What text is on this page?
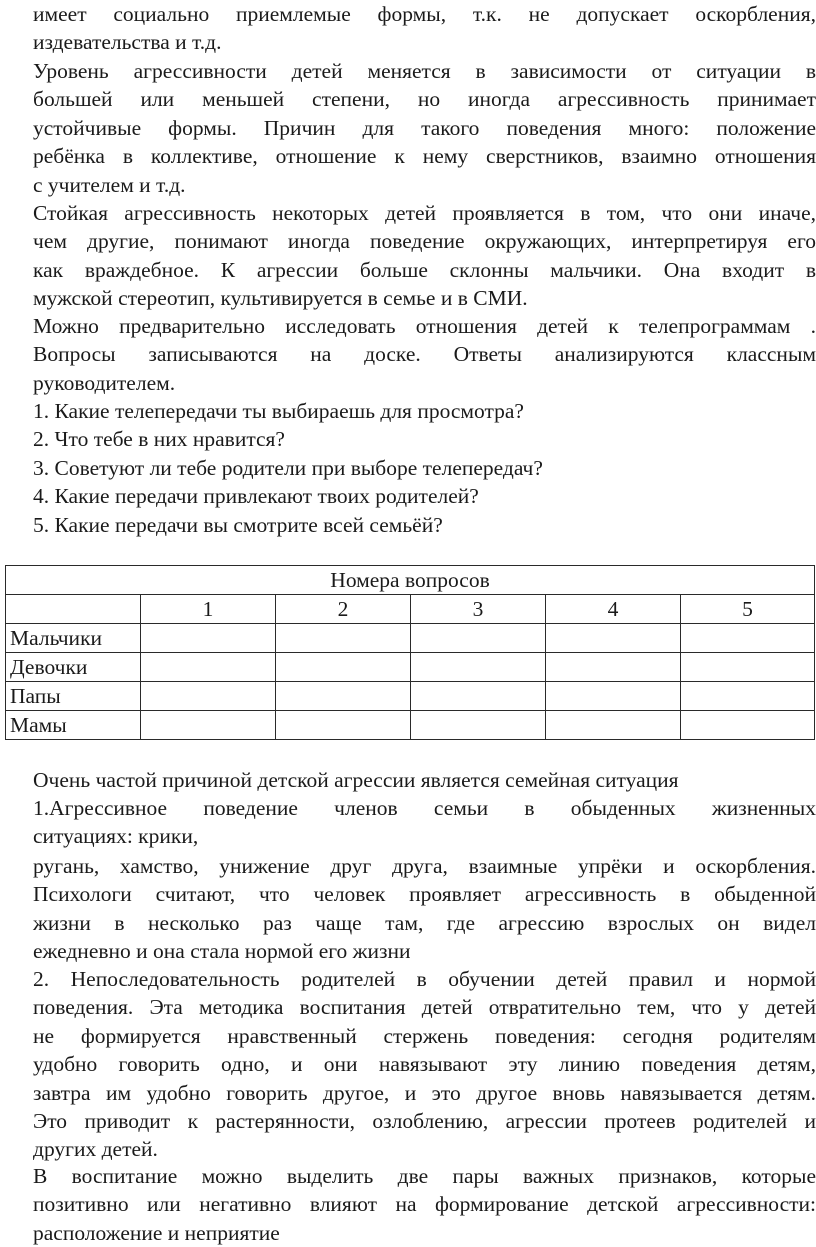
имеет социально приемлемые формы, т.к. не допускает оскорбления,
издевательства и т.д.
Уровень агрессивности детей меняется в зависимости от ситуации в
большей или меньшей степени, но иногда агрессивность принимает
устойчивые формы. Причин для такого поведения много: положение
ребёнка в коллективе, отношение к нему сверстников, взаимно отношения
с учителем и т.д.
Стойкая агрессивность некоторых детей проявляется в том, что они иначе,
чем другие, понимают иногда поведение окружающих, интерпретируя его
как враждебное. К агрессии больше склонны мальчики. Она входит в
мужской стереотип, культивируется в семье и в СМИ.
Можно предварительно исследовать отношения детей к телепрограммам .
Вопросы записываются на доске. Ответы анализируются классным
руководителем.
1. Какие телепередачи ты выбираешь для просмотра?
2. Что тебе в них нравится?
3. Советуют ли тебе родители при выборе телепередач?
4. Какие передачи привлекают твоих родителей?
5. Какие передачи вы смотрите всей семьёй?
Номера вопросов					
	1	2	3	4	5
Мальчики					
Девочки					
Папы					
Мамы					
Очень частой причиной детской агрессии является семейная ситуация
1.Агрессивное поведение членов семьи в обыденных жизненных
ситуациях: крики,
ругань, хамство, унижение друг друга, взаимные упрёки и оскорбления.
Психологи считают, что человек проявляет агрессивность в обыденной
жизни в несколько раз чаще там, где агрессию взрослых он видел
ежедневно и она стала нормой его жизни
2. Непоследовательность родителей в обучении детей правил и нормой
поведения. Эта методика воспитания детей отвратительно тем, что у детей
не формируется нравственный стержень поведения: сегодня родителям
удобно говорить одно, и они навязывают эту линию поведения детям,
завтра им удобно говорить другое, и это другое вновь навязывается детям.
Это приводит к растерянности, озлоблению, агрессии протеев родителей и
других детей.
В воспитание можно выделить две пары важных признаков, которые
позитивно или негативно влияют на формирование детской агрессивности:
расположение и неприятие
